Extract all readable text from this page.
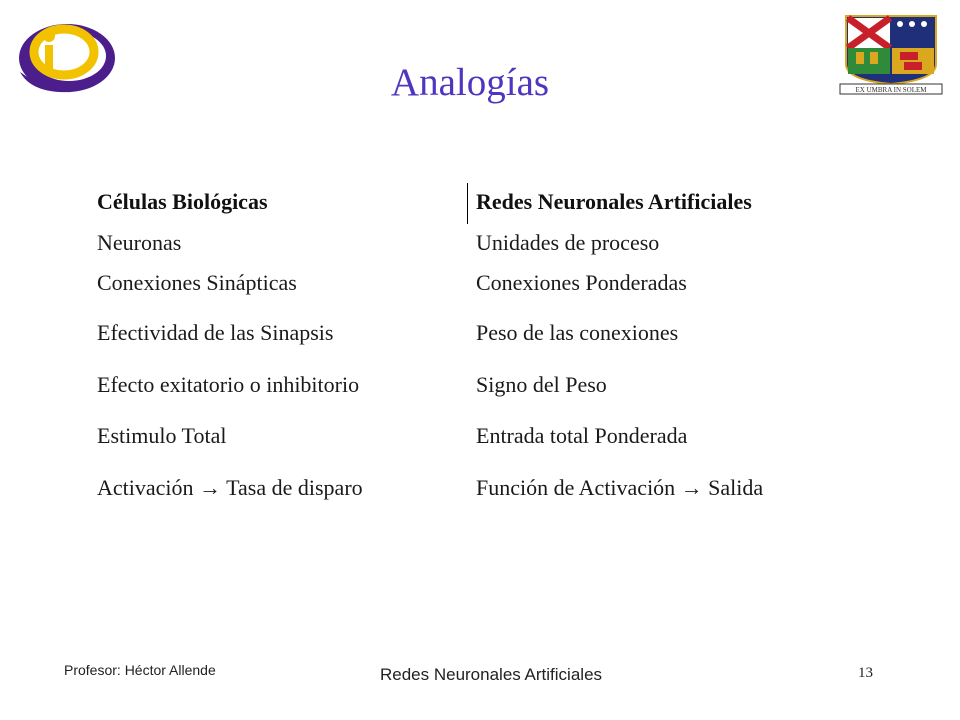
EX UMBRA IN SOLEM
Analogías
Células Biológicas	Redes Neuronales Artificiales
Neuronas	Unidades de proceso
Conexiones Sinápticas	Conexiones Ponderadas
Efectividad de las Sinapsis	Peso de las conexiones
Efecto exitatorio o inhibitorio	Signo del Peso
Estimulo Total	Entrada total Ponderada
Activación → Tasa de disparo	Función de Activación → Salida
Profesor: Héctor Allende	Redes Neuronales Artificiales	13
